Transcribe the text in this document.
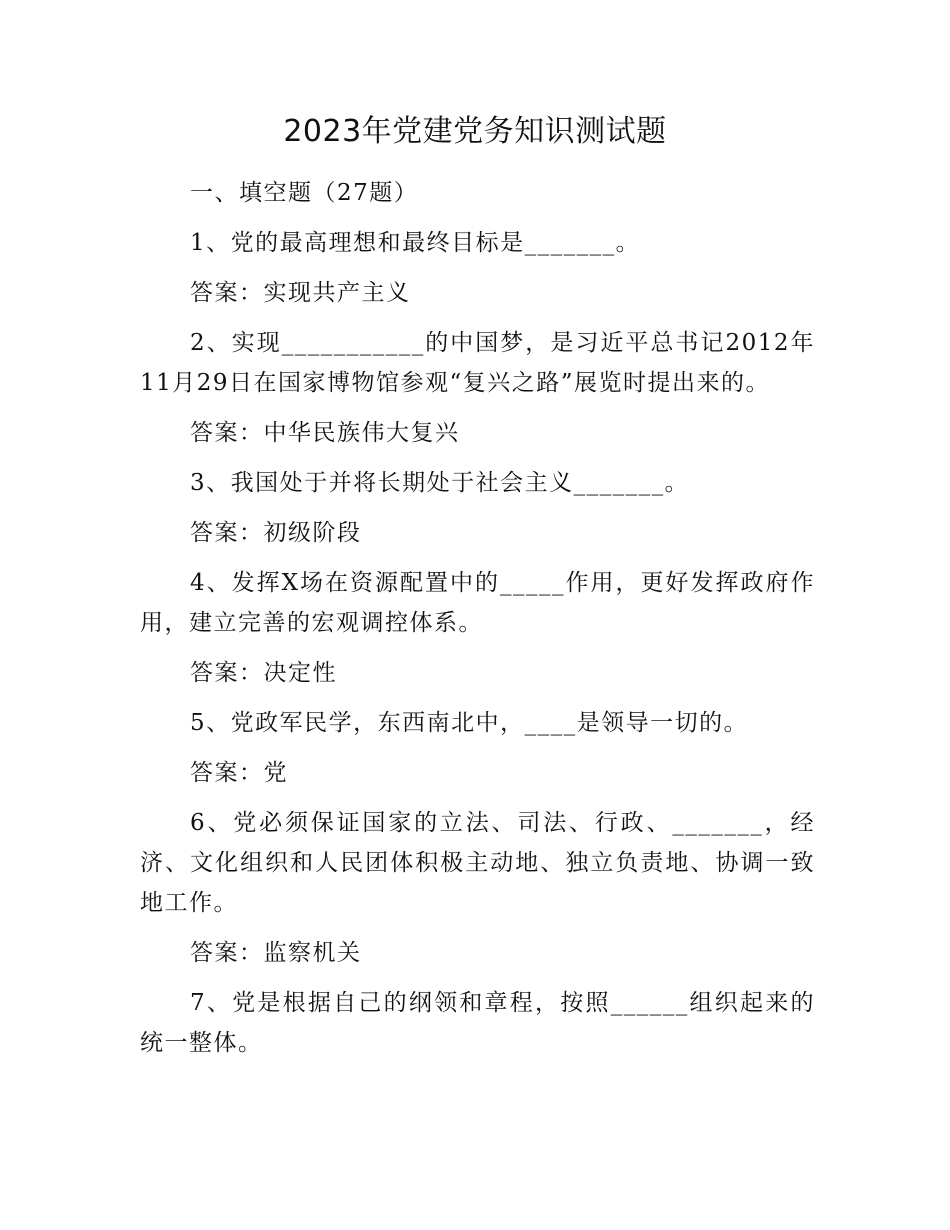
2023年党建党务知识测试题

一、填空题（27题）

1、党的最高理想和最终目标是_______。

答案：实现共产主义

2、实现___________的中国梦，是习近平总书记2012年11月29日在国家博物馆参观“复兴之路”展览时提出来的。

答案：中华民族伟大复兴

3、我国处于并将长期处于社会主义_______。

答案：初级阶段

4、发挥X场在资源配置中的_____作用，更好发挥政府作用，建立完善的宏观调控体系。

答案：决定性

5、党政军民学，东西南北中，____是领导一切的。

答案：党

6、党必须保证国家的立法、司法、行政、_______，经济、文化组织和人民团体积极主动地、独立负责地、协调一致地工作。

答案：监察机关

7、党是根据自己的纲领和章程，按照______组织起来的统一整体。
